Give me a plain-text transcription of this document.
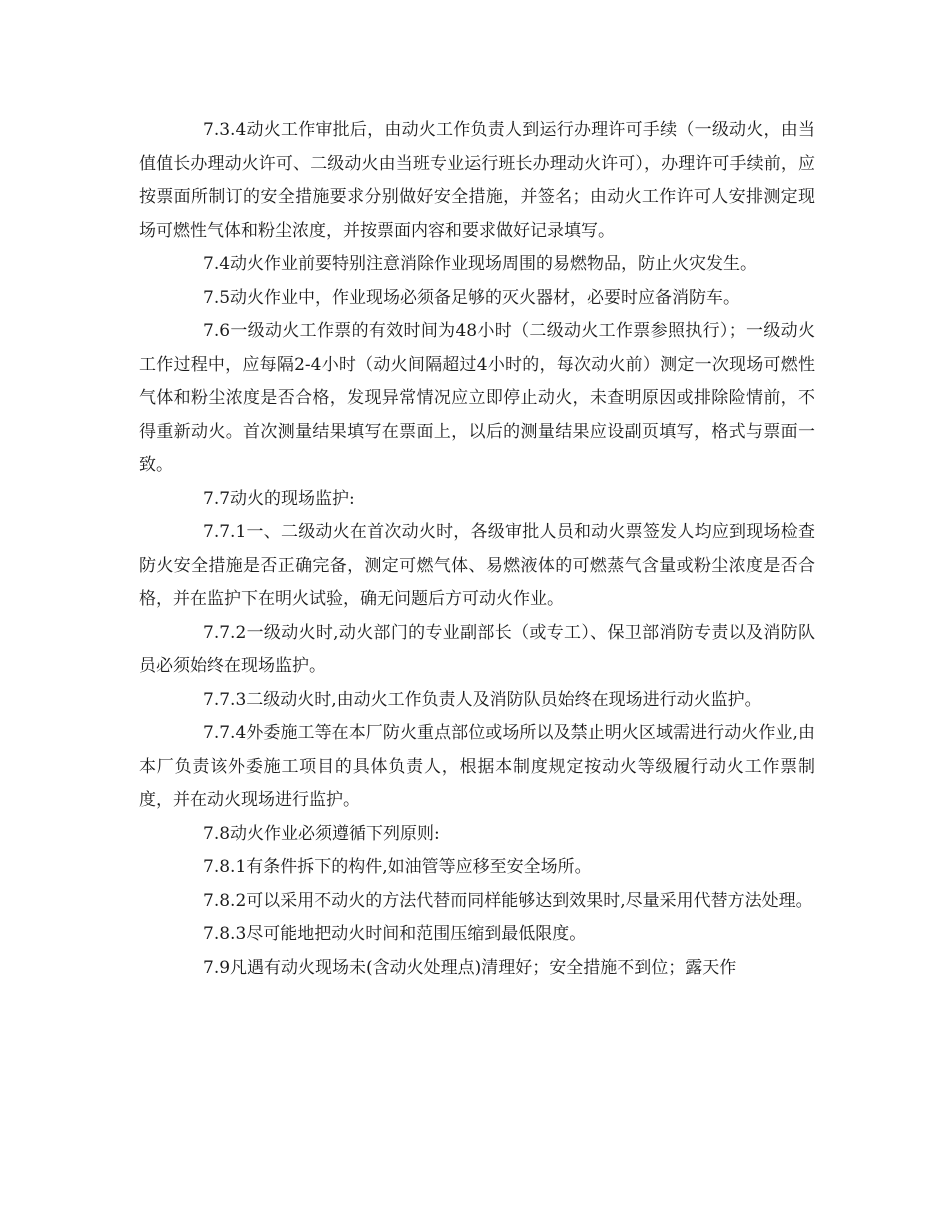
7.3.4动火工作审批后，由动火工作负责人到运行办理许可手续（一级动火，由当值值长办理动火许可、二级动火由当班专业运行班长办理动火许可），办理许可手续前，应按票面所制订的安全措施要求分别做好安全措施，并签名；由动火工作许可人安排测定现场可燃性气体和粉尘浓度，并按票面内容和要求做好记录填写。

7.4动火作业前要特别注意消除作业现场周围的易燃物品，防止火灾发生。

7.5动火作业中，作业现场必须备足够的灭火器材，必要时应备消防车。

7.6一级动火工作票的有效时间为48小时（二级动火工作票参照执行）；一级动火工作过程中，应每隔2-4小时（动火间隔超过4小时的，每次动火前）测定一次现场可燃性气体和粉尘浓度是否合格，发现异常情况应立即停止动火，未查明原因或排除险情前，不得重新动火。首次测量结果填写在票面上，以后的测量结果应设副页填写，格式与票面一致。

7.7动火的现场监护:

7.7.1一、二级动火在首次动火时，各级审批人员和动火票签发人均应到现场检查防火安全措施是否正确完备，测定可燃气体、易燃液体的可燃蒸气含量或粉尘浓度是否合格，并在监护下在明火试验，确无问题后方可动火作业。

7.7.2一级动火时,动火部门的专业副部长（或专工）、保卫部消防专责以及消防队员必须始终在现场监护。

7.7.3二级动火时,由动火工作负责人及消防队员始终在现场进行动火监护。

7.7.4外委施工等在本厂防火重点部位或场所以及禁止明火区域需进行动火作业,由本厂负责该外委施工项目的具体负责人，根据本制度规定按动火等级履行动火工作票制度，并在动火现场进行监护。

7.8动火作业必须遵循下列原则:

7.8.1有条件拆下的构件,如油管等应移至安全场所。

7.8.2可以采用不动火的方法代替而同样能够达到效果时,尽量采用代替方法处理。

7.8.3尽可能地把动火时间和范围压缩到最低限度。

7.9凡遇有动火现场未(含动火处理点)清理好；安全措施不到位；露天作
